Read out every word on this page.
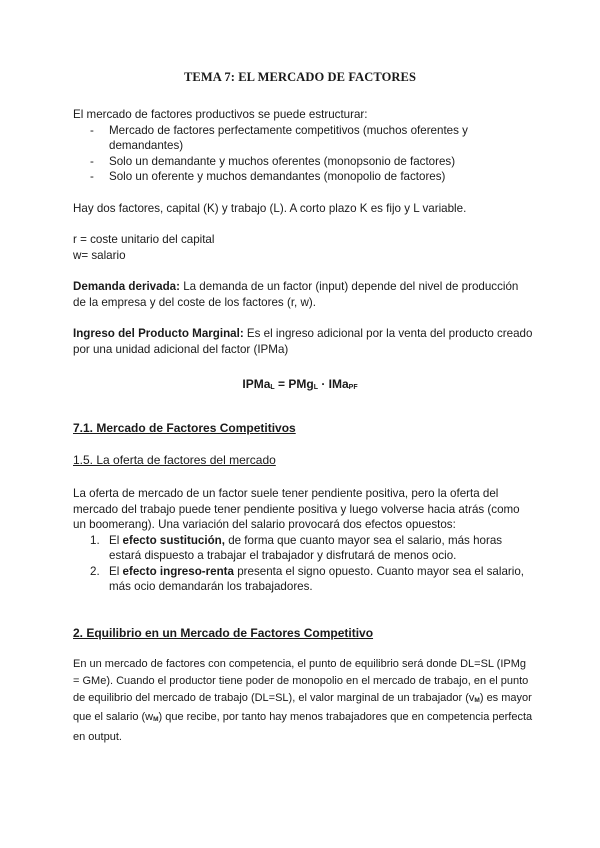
TEMA 7: EL MERCADO DE FACTORES

El mercado de factores productivos se puede estructurar:

- Mercado de factores perfectamente competitivos (muchos oferentes y demandantes)
- Solo un demandante y muchos oferentes (monopsonio de factores)
- Solo un oferente y muchos demandantes (monopolio de factores)

Hay dos factores, capital (K) y trabajo (L). A corto plazo K es fijo y L variable.

r = coste unitario del capital

w= salario

Demanda derivada: La demanda de un factor (input) depende del nivel de producción de la empresa y del coste de los factores (r, w).

Ingreso del Producto Marginal: Es el ingreso adicional por la venta del producto creado por una unidad adicional del factor (IPMa)

IPMa$_L$ = PMg$_L$ · IMa$_{PF}$
7.1. Mercado de Factores Competitivos
1.5. La oferta de factores del mercado

La oferta de mercado de un factor suele tener pendiente positiva, pero la oferta del mercado del trabajo puede tener pendiente positiva y luego volverse hacia atrás (como un boomerang). Una variación del salario provocará dos efectos opuestos:

1. El efecto sustitución, de forma que cuanto mayor sea el salario, más horas estará dispuesto a trabajar el trabajador y disfrutará de menos ocio.
2. El efecto ingreso-renta presenta el signo opuesto. Cuanto mayor sea el salario, más ocio demandarán los trabajadores.
2. Equilibrio en un Mercado de Factores Competitivo

En un mercado de factores con competencia, el punto de equilibrio será donde DL=SL (IPMg = GMe). Cuando el productor tiene poder de monopolio en el mercado de trabajo, en el punto de equilibrio del mercado de trabajo (DL=SL), el valor marginal de un trabajador $(v_M)$ es mayor que el salario $(w_M)$ que recibe, por tanto hay menos trabajadores que en competencia perfecta en output.
